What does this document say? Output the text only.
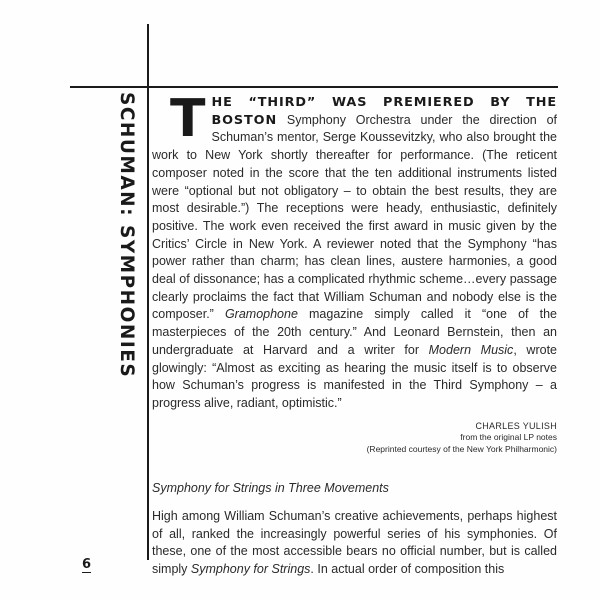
SCHUMAN: SYMPHONIES THE “THIRD” WAS PREMIERED BY THE BOSTON Symphony Orchestra under the direction of Schuman’s mentor, Serge Koussevitzky, who also brought the work to New York shortly thereafter for performance. (The reticent composer noted in the score that the ten additional instruments listed were “optional but not obligatory – to obtain the best results, they are most desirable.”) The receptions were heady, enthusiastic, definitely positive. The work even received the first award in music given by the Critics’ Circle in New York. A reviewer noted that the Symphony “has power rather than charm; has clean lines, austere harmonies, a good deal of dissonance; has a complicated rhythmic scheme…every passage clearly proclaims the fact that William Schuman and nobody else is the composer.” Gramophone magazine simply called it “one of the masterpieces of the 20th century.” And Leonard Bernstein, then an undergraduate at Harvard and a writer for Modern Music, wrote glowingly: “Almost as exciting as hearing the music itself is to observe how Schuman’s progress is manifested in the Third Symphony – a progress alive, radiant, optimistic.”

CHARLES YULISH
from the original LP notes
(Reprinted courtesy of the New York Philharmonic)

Symphony for Strings in Three Movements

High among William Schuman’s creative achievements, perhaps highest of all, ranked the increasingly powerful series of his symphonies. Of these, one of the most accessible bears no official number, but is called simply Symphony for Strings. In actual order of composition this

6
